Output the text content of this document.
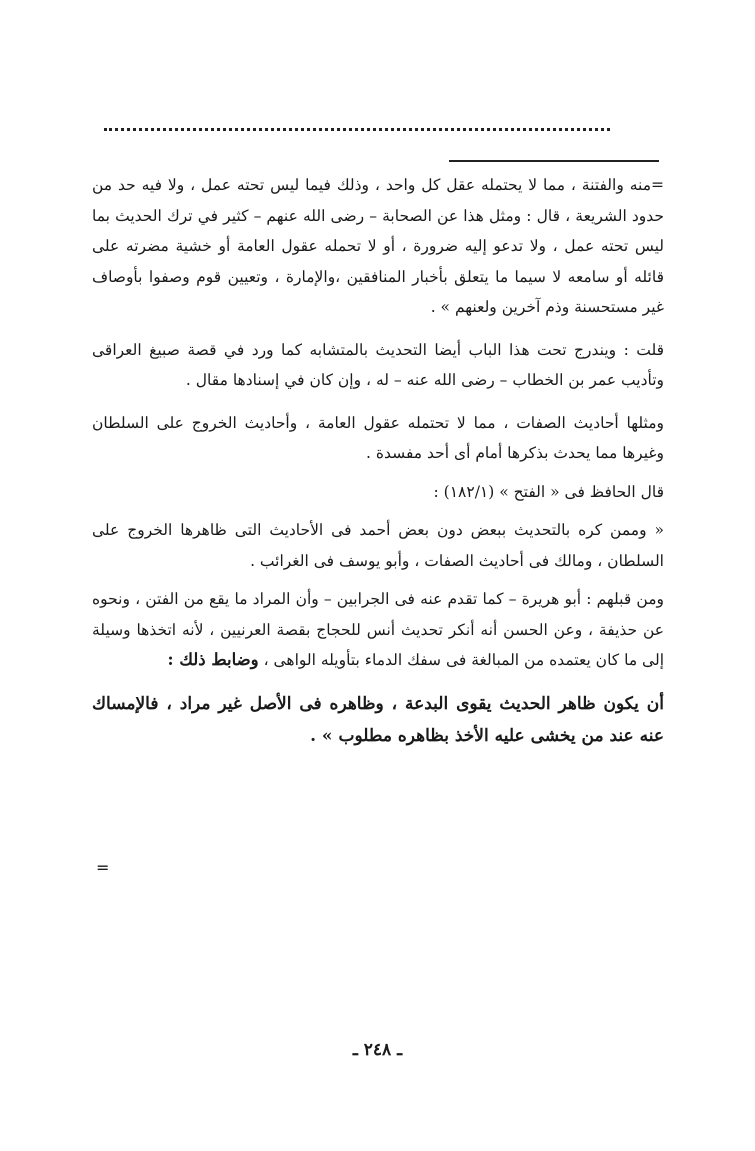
=منه والفتنة ، مما لا يحتمله عقل كل واحد ، وذلك فيما ليس تحته عمل ، ولا فيه حد من حدود الشريعة ، قال : ومثل هذا عن الصحابة – رضى الله عنهم – كثير في ترك الحديث بما ليس تحته عمل ، ولا تدعو إليه ضرورة ، أو لا تحمله عقول العامة أو خشية مضرته على قائله أو سامعه لا سيما ما يتعلق بأخبار المنافقين ،والإمارة ، وتعيين قوم وصفوا بأوصاف غير مستحسنة وذم آخرين ولعنهم » .

قلت : ويندرج تحت هذا الباب أيضا التحديث بالمتشابه كما ورد في قصة صبيغ العراقى وتأديب عمر بن الخطاب – رضى الله عنه – له ، وإن كان في إسنادها مقال .

ومثلها أحاديث الصفات ، مما لا تحتمله عقول العامة ، وأحاديث الخروج على السلطان وغيرها مما يحدث بذكرها أمام أى أحد مفسدة .

قال الحافظ فى « الفتح » (١٨٢/١) :

« وممن كره بالتحديث ببعض دون بعض أحمد فى الأحاديث التى ظاهرها الخروج على السلطان ، ومالك فى أحاديث الصفات ، وأبو يوسف فى الغرائب .

ومن قبلهم : أبو هريرة – كما تقدم عنه فى الجرابين – وأن المراد ما يقع من الفتن ، ونحوه عن حذيفة ، وعن الحسن أنه أنكر تحديث أنس للحجاج بقصة العرنيين ، لأنه اتخذها وسيلة إلى ما كان يعتمده من المبالغة فى سفك الدماء بتأويله الواهى ، وضابط ذلك :

أن يكون ظاهر الحديث يقوى البدعة ، وظاهره فى الأصل غير مراد ، فالإمساك عنه عند من يخشى عليه الأخذ بظاهره مطلوب » .

=
ـ ٢٤٨ ـ
